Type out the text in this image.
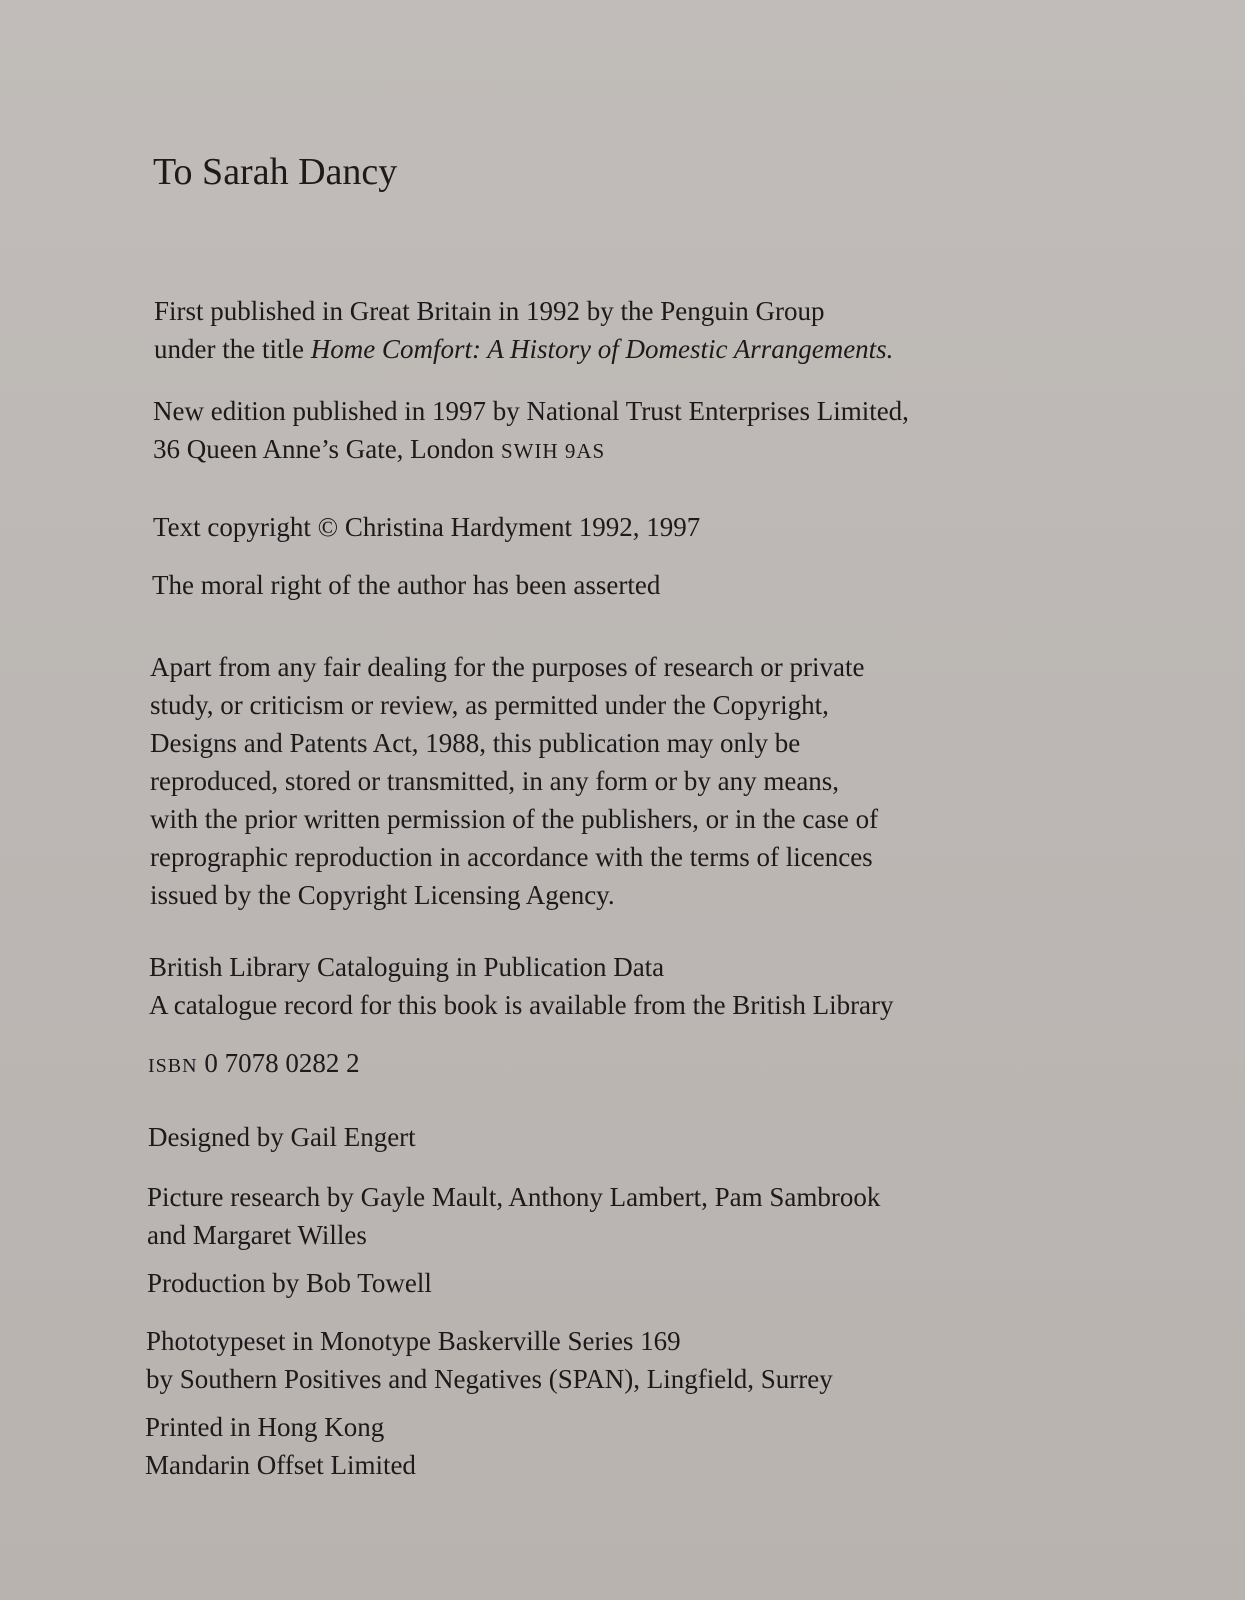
To Sarah Dancy

First published in Great Britain in 1992 by the Penguin Group
under the title Home Comfort: A History of Domestic Arrangements.

New edition published in 1997 by National Trust Enterprises Limited,
36 Queen Anne’s Gate, London SWIH 9AS

Text copyright © Christina Hardyment 1992, 1997

The moral right of the author has been asserted

Apart from any fair dealing for the purposes of research or private
study, or criticism or review, as permitted under the Copyright,
Designs and Patents Act, 1988, this publication may only be
reproduced, stored or transmitted, in any form or by any means,
with the prior written permission of the publishers, or in the case of
reprographic reproduction in accordance with the terms of licences
issued by the Copyright Licensing Agency.

British Library Cataloguing in Publication Data
A catalogue record for this book is available from the British Library

ISBN 0 7078 0282 2

Designed by Gail Engert

Picture research by Gayle Mault, Anthony Lambert, Pam Sambrook
and Margaret Willes

Production by Bob Towell

Phototypeset in Monotype Baskerville Series 169
by Southern Positives and Negatives (SPAN), Lingfield, Surrey

Printed in Hong Kong
Mandarin Offset Limited
